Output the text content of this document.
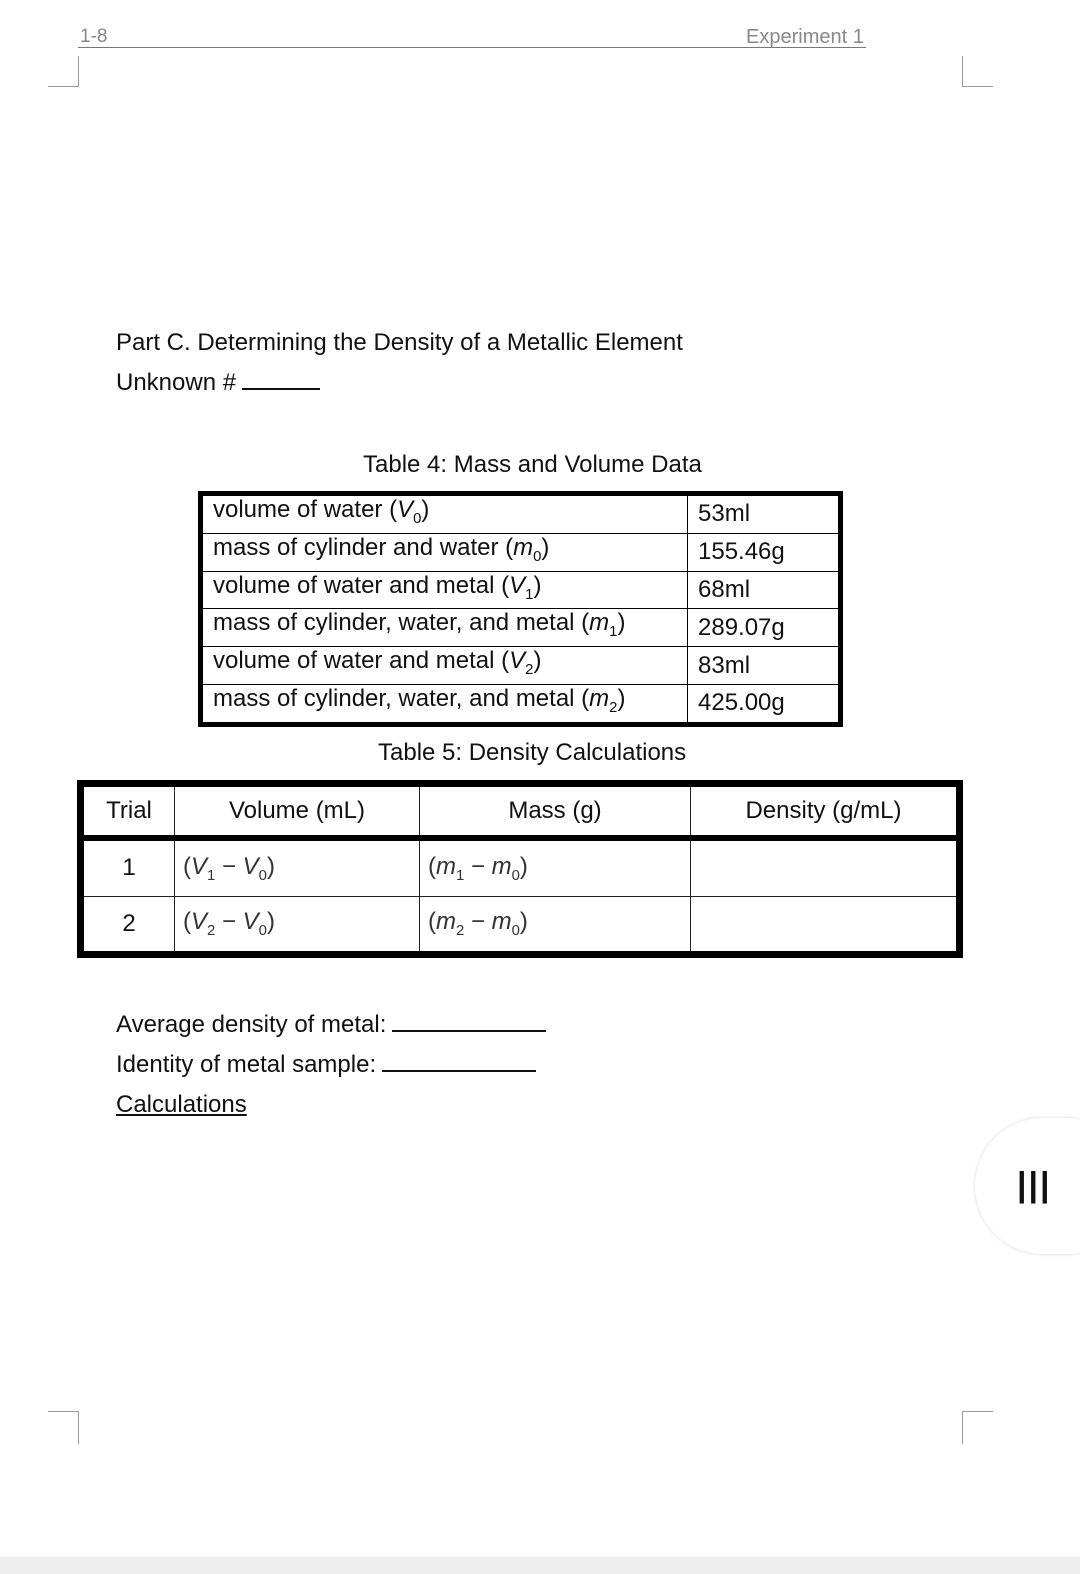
1-8	Experiment 1
Part C. Determining the Density of a Metallic Element
Unknown #
Table 4: Mass and Volume Data
volume of water $(V_0)$	53ml
mass of cylinder and water $(m_0)$	155.46g
volume of water and metal $(V_1)$	68ml
mass of cylinder, water, and metal $(m_1)$	289.07g
volume of water and metal $(V_2)$	83ml
mass of cylinder, water, and metal $(m_2)$	425.00g
Table 5: Density Calculations
Trial	Volume (mL)	Mass (g)	Density (g/mL)
1	$(V_1 - V_0)$	$(m_1 - m_0)$	
2	$(V_2 - V_0)$	$(m_2 - m_0)$	
Average density of metal:
Identity of metal sample:
Calculations
|||
